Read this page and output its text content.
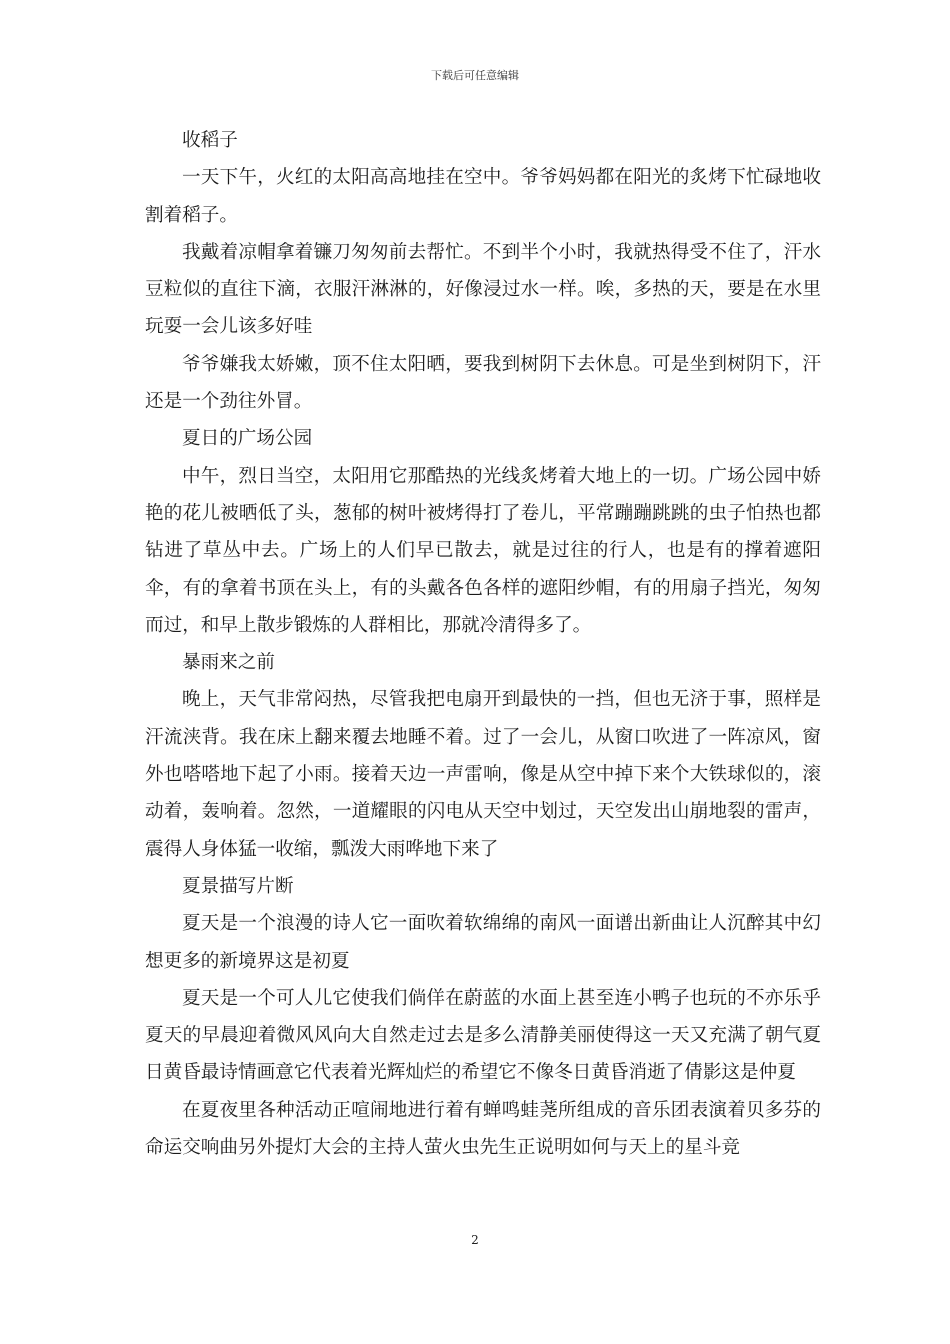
下载后可任意编辑

收稻子

一天下午，火红的太阳高高地挂在空中。爷爷妈妈都在阳光的炙烤下忙碌地收割着稻子。

我戴着凉帽拿着镰刀匆匆前去帮忙。不到半个小时，我就热得受不住了，汗水豆粒似的直往下滴，衣服汗淋淋的，好像浸过水一样。唉，多热的天，要是在水里玩耍一会儿该多好哇

爷爷嫌我太娇嫩，顶不住太阳晒，要我到树阴下去休息。可是坐到树阴下，汗还是一个劲往外冒。

夏日的广场公园

中午，烈日当空，太阳用它那酷热的光线炙烤着大地上的一切。广场公园中娇艳的花儿被晒低了头，葱郁的树叶被烤得打了卷儿，平常蹦蹦跳跳的虫子怕热也都钻进了草丛中去。广场上的人们早已散去，就是过往的行人，也是有的撑着遮阳伞，有的拿着书顶在头上，有的头戴各色各样的遮阳纱帽，有的用扇子挡光，匆匆而过，和早上散步锻炼的人群相比，那就冷清得多了。

暴雨来之前

晚上，天气非常闷热，尽管我把电扇开到最快的一挡，但也无济于事，照样是汗流浃背。我在床上翻来覆去地睡不着。过了一会儿，从窗口吹进了一阵凉风，窗外也嗒嗒地下起了小雨。接着天边一声雷响，像是从空中掉下来个大铁球似的，滚动着，轰响着。忽然，一道耀眼的闪电从天空中划过，天空发出山崩地裂的雷声，震得人身体猛一收缩，瓢泼大雨哗地下来了

夏景描写片断

夏天是一个浪漫的诗人它一面吹着软绵绵的南风一面谱出新曲让人沉醉其中幻想更多的新境界这是初夏

夏天是一个可人儿它使我们倘佯在蔚蓝的水面上甚至连小鸭子也玩的不亦乐乎夏天的早晨迎着微风风向大自然走过去是多么清静美丽使得这一天又充满了朝气夏日黄昏最诗情画意它代表着光辉灿烂的希望它不像冬日黄昏消逝了倩影这是仲夏

在夏夜里各种活动正喧闹地进行着有蝉鸣蛙荛所组成的音乐团表演着贝多芬的命运交响曲另外提灯大会的主持人萤火虫先生正说明如何与天上的星斗竞

2
